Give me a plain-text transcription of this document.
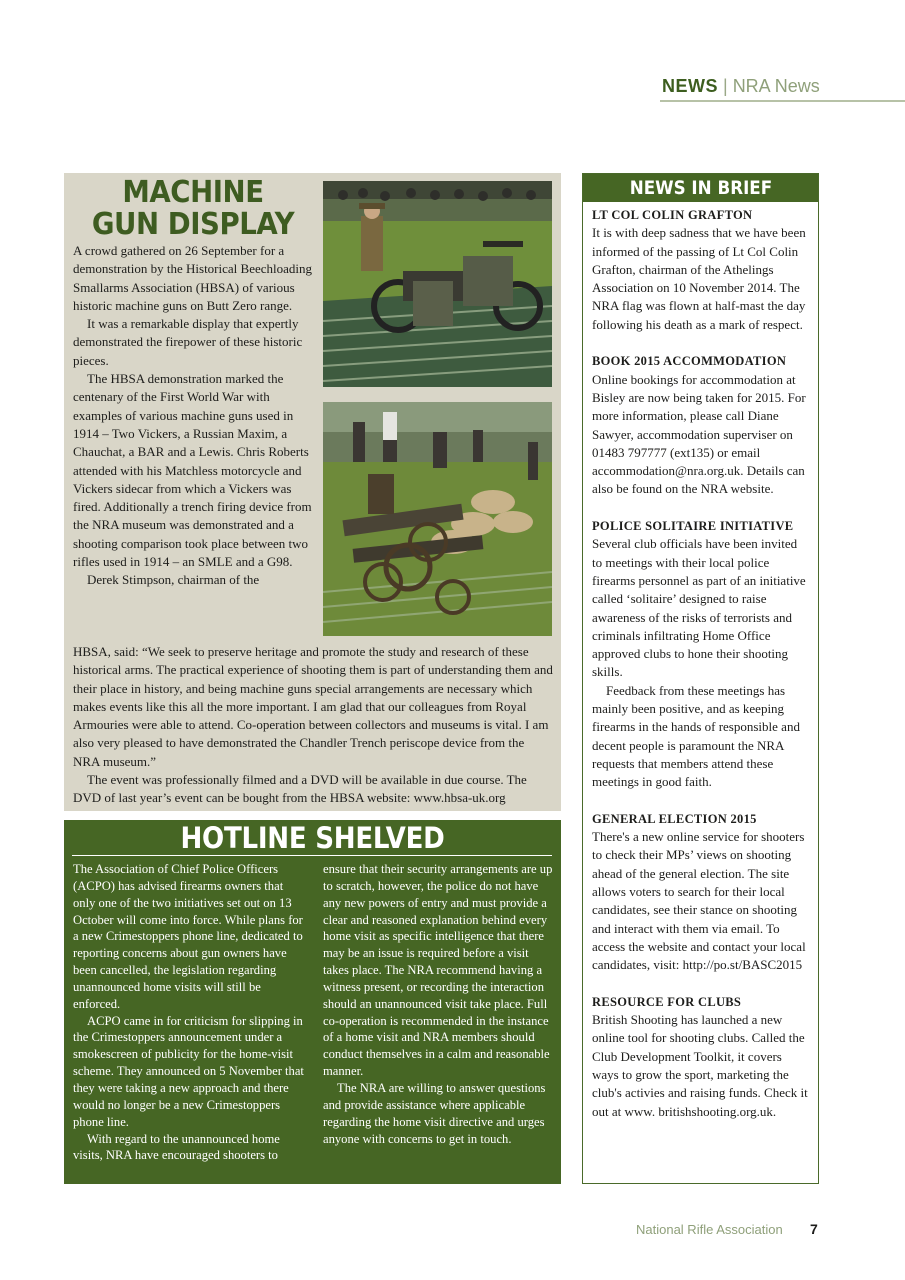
NEWS | NRA News
MACHINE
GUN DISPLAY

A crowd gathered on 26 September for a demonstration by the Historical Beechloading Smallarms Association (HBSA) of various historic machine guns on Butt Zero range.

It was a remarkable display that expertly demonstrated the firepower of these historic pieces.

The HBSA demonstration marked the centenary of the First World War with examples of various machine guns used in 1914 – Two Vickers, a Russian Maxim, a Chauchat, a BAR and a Lewis. Chris Roberts attended with his Matchless motorcycle and Vickers sidecar from which a Vickers was fired. Additionally a trench firing device from the NRA museum was demonstrated and a shooting comparison took place between two rifles used in 1914 – an SMLE and a G98.

Derek Stimpson, chairman of the

HBSA, said: “We seek to preserve heritage and promote the study and research of these historical arms. The practical experience of shooting them is part of understanding them and their place in history, and being machine guns special arrangements are necessary which makes events like this all the more important. I am glad that our colleagues from Royal Armouries were able to attend. Co-operation between collectors and museums is vital. I am also very pleased to have demonstrated the Chandler Trench periscope device from the NRA museum.”

The event was professionally filmed and a DVD will be available in due course. The DVD of last year’s event can be bought from the HBSA website: www.hbsa-uk.org

HOTLINE SHELVED

The Association of Chief Police Officers (ACPO) has advised firearms owners that only one of the two initiatives set out on 13 October will come into force. While plans for a new Crimestoppers phone line, dedicated to reporting concerns about gun owners have been cancelled, the legislation regarding unannounced home visits will still be enforced.

ACPO came in for criticism for slipping in the Crimestoppers announcement under a smokescreen of publicity for the home-visit scheme. They announced on 5 November that they were taking a new approach and there would no longer be a new Crimestoppers phone line.

With regard to the unannounced home visits, NRA have encouraged shooters to

ensure that their security arrangements are up to scratch, however, the police do not have any new powers of entry and must provide a clear and reasoned explanation behind every home visit as specific intelligence that there may be an issue is required before a visit takes place. The NRA recommend having a witness present, or recording the interaction should an unannounced visit take place. Full co-operation is recommended in the instance of a home visit and NRA members should conduct themselves in a calm and reasonable manner.

The NRA are willing to answer questions and provide assistance where applicable regarding the home visit directive and urges anyone with concerns to get in touch.

NEWS IN BRIEF
LT COL COLIN GRAFTON

It is with deep sadness that we have been informed of the passing of Lt Col Colin Grafton, chairman of the Athelings Association on 10 November 2014. The NRA flag was flown at half-mast the day following his death as a mark of respect.

BOOK 2015 ACCOMMODATION

Online bookings for accommodation at Bisley are now being taken for 2015. For more information, please call Diane Sawyer, accommodation superviser on 01483 797777 (ext135) or email accommodation@nra.org.uk. Details can also be found on the NRA website.

POLICE SOLITAIRE INITIATIVE

Several club officials have been invited to meetings with their local police firearms personnel as part of an initiative called ‘solitaire’ designed to raise awareness of the risks of terrorists and criminals infiltrating Home Office approved clubs to hone their shooting skills.

Feedback from these meetings has mainly been positive, and as keeping firearms in the hands of responsible and decent people is paramount the NRA requests that members attend these meetings in good faith.

GENERAL ELECTION 2015

There's a new online service for shooters to check their MPs’ views on shooting ahead of the general election. The site allows voters to search for their local candidates, see their stance on shooting and interact with them via email. To access the website and contact your local candidates, visit: http://po.st/BASC2015

RESOURCE FOR CLUBS

British Shooting has launched a new online tool for shooting clubs. Called the Club Development Toolkit, it covers ways to grow the sport, marketing the club's activies and raising funds. Check it out at www. britishshooting.org.uk.

National Rifle Association 7
